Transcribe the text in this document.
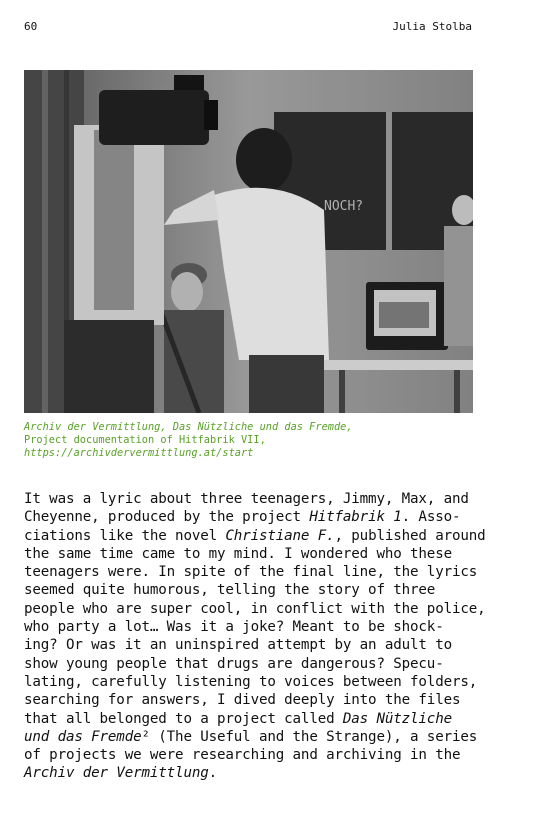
60	Julia Stolba
NOCH?
Archiv der Vermittlung, Das Nützliche und das Fremde,
Project documentation of Hitfabrik VII,
https://archivdervermittlung.at/start
It was a lyric about three teenagers, Jimmy, Max, and
Cheyenne, produced by the project Hitfabrik 1. Asso-
ciations like the novel Christiane F., published around
the same time came to my mind. I wondered who these
teenagers were. In spite of the final line, the lyrics
seemed quite humorous, telling the story of three
people who are super cool, in conflict with the police,
who party a lot… Was it a joke? Meant to be shock-
ing? Or was it an uninspired attempt by an adult to
show young people that drugs are dangerous? Specu-
lating, carefully listening to voices between folders,
searching for answers, I dived deeply into the files
that all belonged to a project called Das Nützliche
und das Fremde² (The Useful and the Strange), a series
of projects we were researching and archiving in the
Archiv der Vermittlung.
